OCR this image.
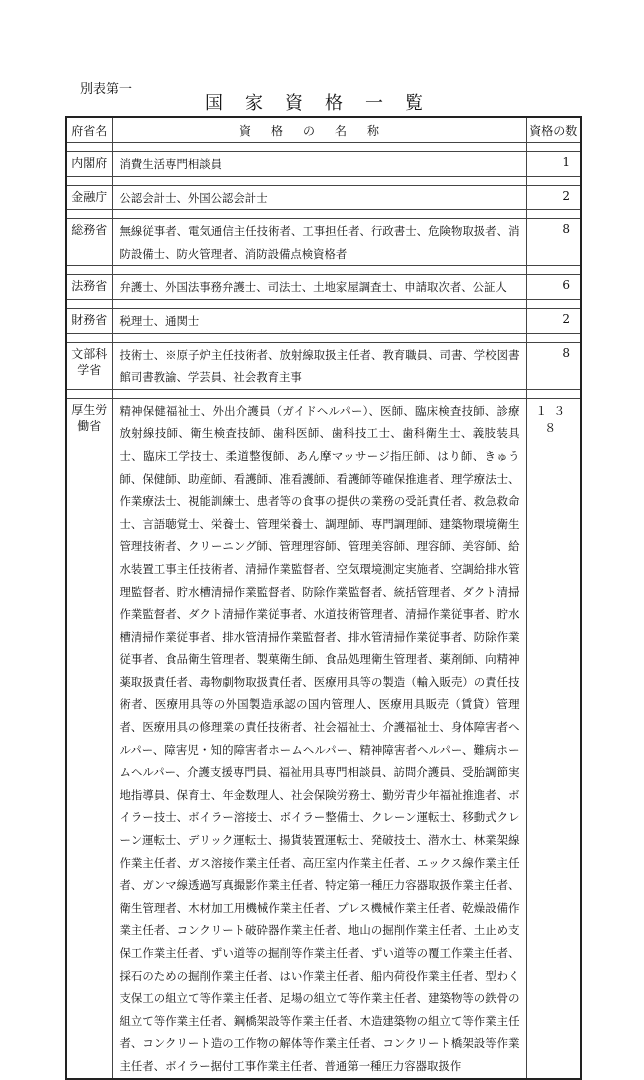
別表第一
国家資格一覧
府省名	資格の名称	資格の数

内閣府	消費生活専門相談員	1

金融庁	公認会計士、外国公認会計士	2

総務省	無線従事者、電気通信主任技術者、工事担任者、行政書士、危険物取扱者、消防設備士、防火管理者、消防設備点検資格者	8

法務省	弁護士、外国法事務弁護士、司法士、土地家屋調査士、申請取次者、公証人	6

財務省	税理士、通関士	2

文部科学省	技術士、※原子炉主任技術者、放射線取扱主任者、教育職員、司書、学校図書館司書教諭、学芸員、社会教育主事	8

厚生労働省	精神保健福祉士、外出介護員（ガイドヘルパー）、医師、臨床検査技師、診療放射線技師、衛生検査技師、歯科医師、歯科技工士、歯科衛生士、義肢装具士、臨床工学技士、柔道整復師、あん摩マッサージ指圧師、はり師、きゅう師、保健師、助産師、看護師、准看護師、看護師等確保推進者、理学療法士、作業療法士、視能訓練士、患者等の食事の提供の業務の受託責任者、救急救命士、言語聴覚士、栄養士、管理栄養士、調理師、専門調理師、建築物環境衛生管理技術者、クリーニング師、管理理容師、管理美容師、理容師、美容師、給水装置工事主任技術者、清掃作業監督者、空気環境測定実施者、空調給排水管理監督者、貯水槽清掃作業監督者、防除作業監督者、統括管理者、ダクト清掃作業監督者、ダクト清掃作業従事者、水道技術管理者、清掃作業従事者、貯水槽清掃作業従事者、排水管清掃作業監督者、排水管清掃作業従事者、防除作業従事者、食品衛生管理者、製菓衛生師、食品処理衛生管理者、薬剤師、向精神薬取扱責任者、毒物劇物取扱責任者、医療用具等の製造（輸入販売）の責任技術者、医療用具等の外国製造承認の国内管理人、医療用具販売（賃貸）管理者、医療用具の修理業の責任技術者、社会福祉士、介護福祉士、身体障害者ヘルパー、障害児・知的障害者ホームヘルパー、精神障害者ヘルパー、難病ホームヘルパー、介護支援専門員、福祉用具専門相談員、訪問介護員、受胎調節実地指導員、保育士、年金数理人、社会保険労務士、勤労青少年福祉推進者、ボイラー技士、ボイラー溶接士、ボイラー整備士、クレーン運転士、移動式クレーン運転士、デリック運転士、揚貨装置運転士、発破技士、潜水士、林業架線作業主任者、ガス溶接作業主任者、高圧室内作業主任者、エックス線作業主任者、ガンマ線透過写真撮影作業主任者、特定第一種圧力容器取扱作業主任者、衛生管理者、木材加工用機械作業主任者、プレス機械作業主任者、乾燥設備作業主任者、コンクリート破砕器作業主任者、地山の掘削作業主任者、土止め支保工作業主任者、ずい道等の掘削等作業主任者、ずい道等の覆工作業主任者、採石のための掘削作業主任者、はい作業主任者、船内荷役作業主任者、型わく支保工の組立て等作業主任者、足場の組立て等作業主任者、建築物等の鉄骨の組立て等作業主任者、鋼橋架設等作業主任者、木造建築物の組立て等作業主任者、コンクリート造の工作物の解体等作業主任者、コンクリート橋架設等作業主任者、ボイラー据付工事作業主任者、普通第一種圧力容器取扱作	１３８
